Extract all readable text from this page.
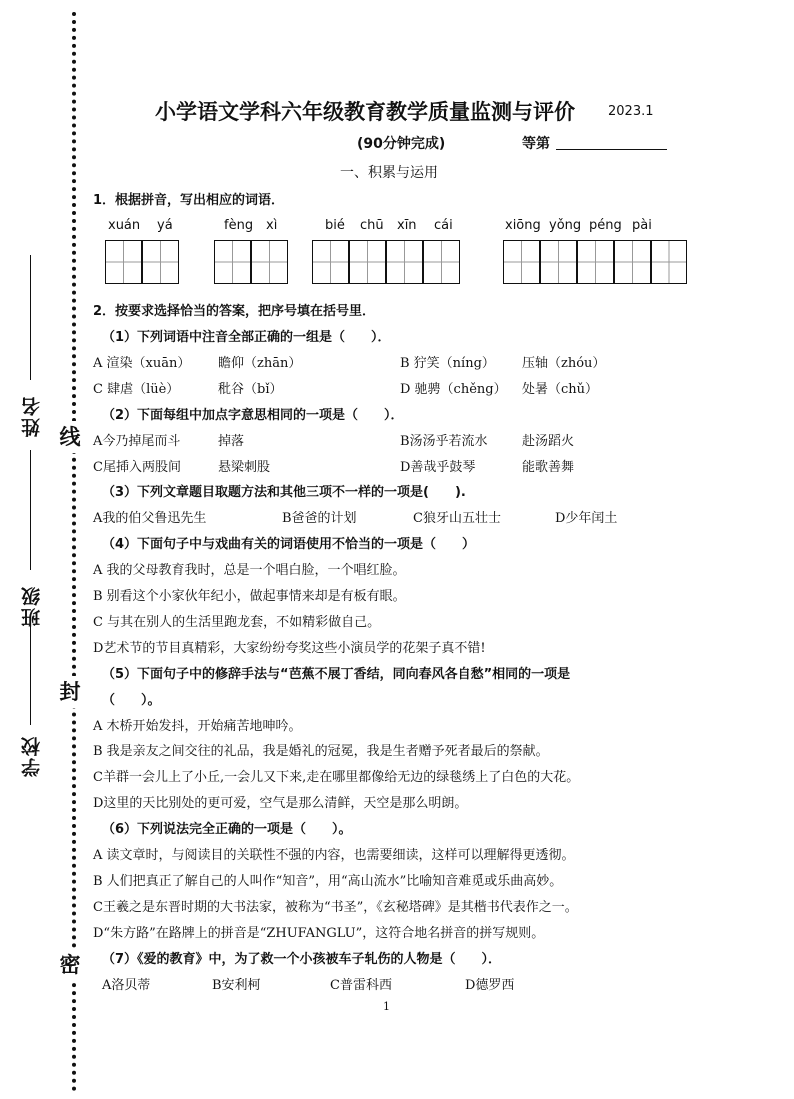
学校
班级
姓名 线
封
密
小学语文学科六年级教育教学质量监测与评价	2023.1
(90分钟完成)	等第
一、积累与运用
1．根据拼音，写出相应的词语．
xuán yá	fèng xì	bié chū xīn cái	xiōng yǒng péng pài
2．按要求选择恰当的答案，把序号填在括号里．
（1）下列词语中注音全部正确的一组是（　　）．
A 渲染（xuān） 瞻仰（zhān）	B 狞笑（níng） 压轴（zhóu）
C 肆虐（lüè）	秕谷（bǐ）	D 驰骋（chěng） 处暑（chǔ）
（2）下面每组中加点字意思相同的一项是（　　）．
A今乃掉尾而斗	掉落	B汤汤乎若流水	赴汤蹈火
C尾揷入两股间	悬梁刺股	D善哉乎鼓琴	能歌善舞
（3）下列文章题目取题方法和其他三项不一样的一项是(　　).
A我的伯父鲁迅先生	B爸爸的计划	C狼牙山五壮士	D少年闰土
（4）下面句子中与戏曲有关的词语使用不恰当的一项是（　　）
A 我的父母教育我时，总是一个唱白脸，一个唱红脸。
B 别看这个小家伙年纪小，做起事情来却是有板有眼。
C 与其在别人的生活里跑龙套，不如精彩做自己。
D艺术节的节目真精彩，大家纷纷夸奖这些小演员学的花架子真不错!
（5）下面句子中的修辞手法与“芭蕉不展丁香结，同向春风各自愁”相同的一项是
（　　）。
A 木桥开始发抖，开始痛苦地呻吟。
B 我是亲友之间交往的礼品，我是婚礼的冠冕，我是生者赠予死者最后的祭献。
C羊群一会儿上了小丘,一会儿又下来,走在哪里都像给无边的绿毯绣上了白色的大花。
D这里的天比别处的更可爱，空气是那么清鲜，天空是那么明朗。
（6）下列说法完全正确的一项是（　　）。
A 读文章时，与阅读目的关联性不强的内容，也需要细读，这样可以理解得更透彻。
B 人们把真正了解自己的人叫作“知音”，用“高山流水”比喻知音难觅或乐曲高妙。
C王羲之是东晋时期的大书法家，被称为“书圣”，《玄秘塔碑》是其楷书代表作之一。
D“朱方路”在路牌上的拼音是“ZHUFANGLU”，这符合地名拼音的拼写规则。
（7）《爱的教育》中，为了救一个小孩被车子轧伤的人物是（　　）．
A洛贝蒂	B安利柯	C普雷科西	D德罗西
1
